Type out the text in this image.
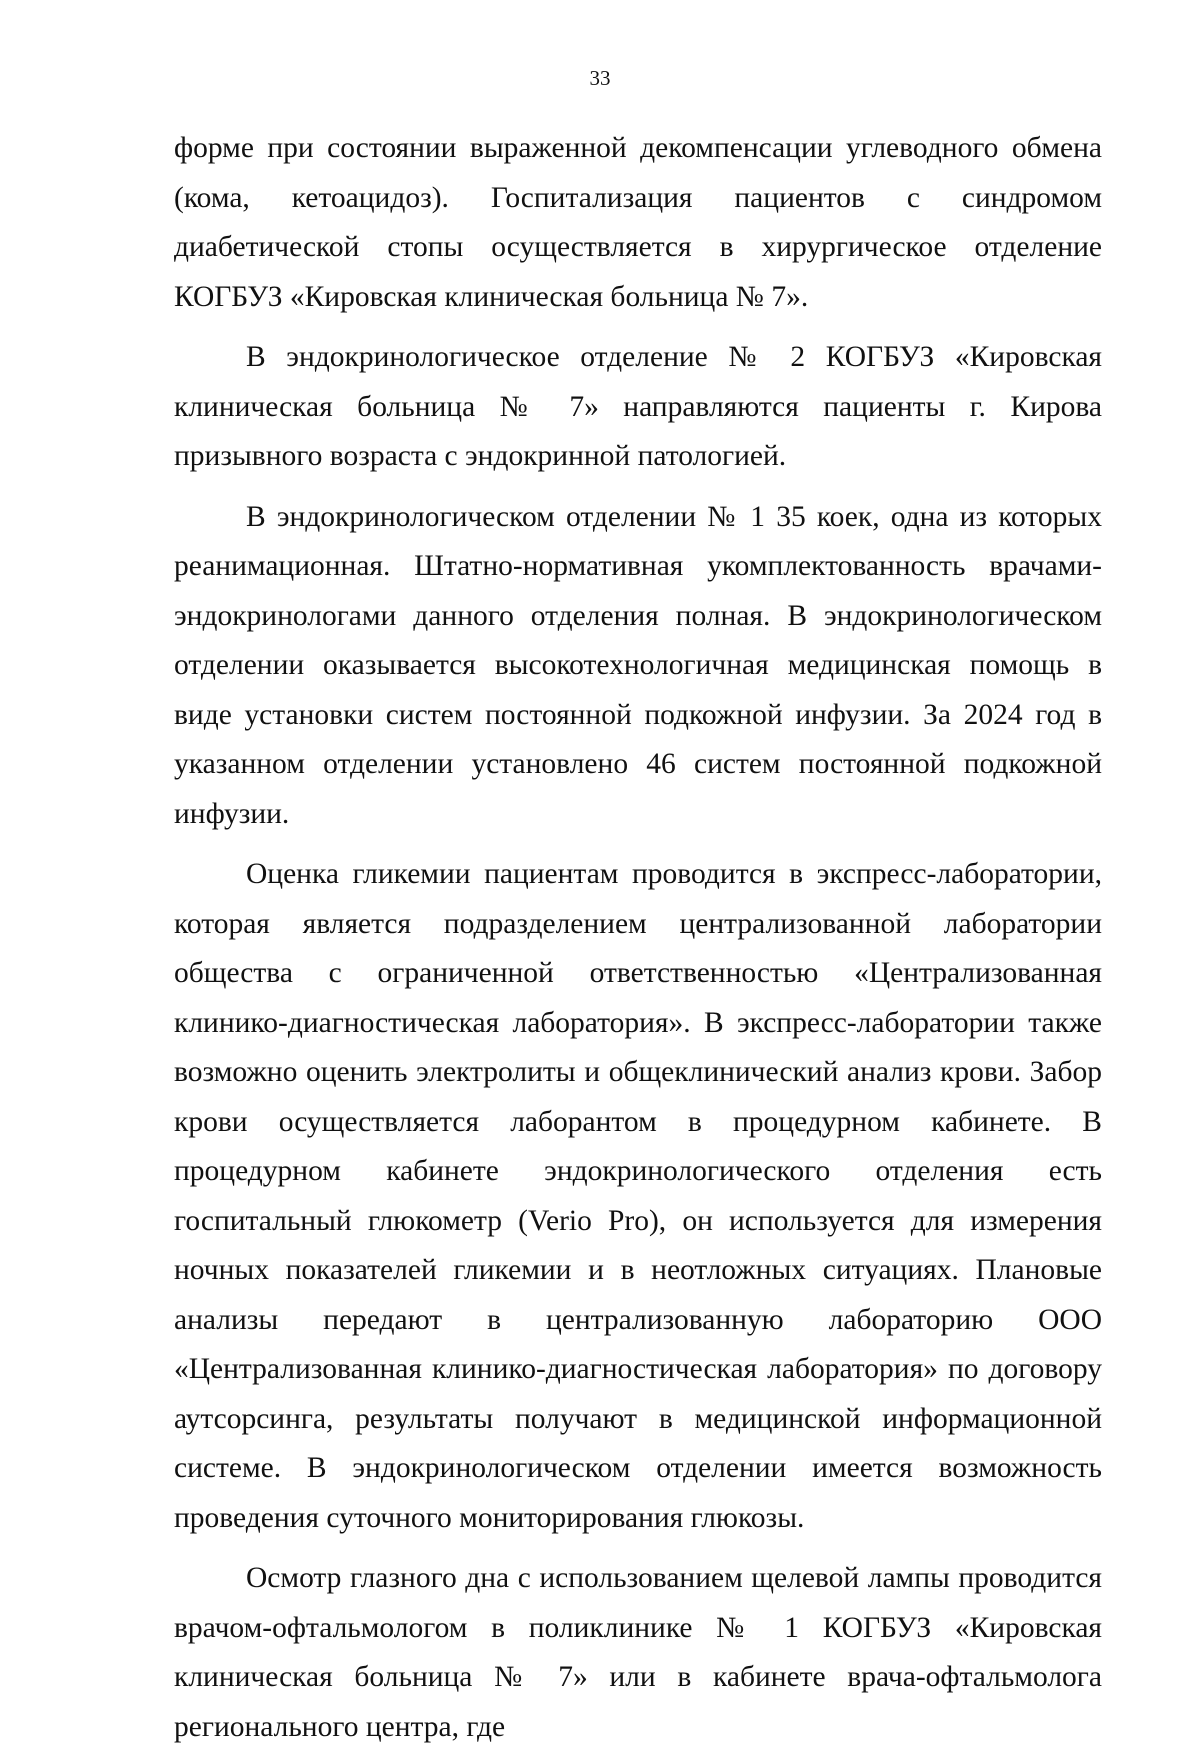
33

форме при состоянии выраженной декомпенсации углеводного обмена (кома, кетоацидоз). Госпитализация пациентов с синдромом диабетической стопы осуществляется в хирургическое отделение КОГБУЗ «Кировская клиническая больница № 7».

В эндокринологическое отделение № 2 КОГБУЗ «Кировская клиническая больница № 7» направляются пациенты г. Кирова призывного возраста с эндокринной патологией.

В эндокринологическом отделении № 1 35 коек, одна из которых реанимационная. Штатно-нормативная укомплектованность врачами-эндокринологами данного отделения полная. В эндокринологическом отделении оказывается высокотехнологичная медицинская помощь в виде установки систем постоянной подкожной инфузии. За 2024 год в указанном отделении установлено 46 систем постоянной подкожной инфузии.

Оценка гликемии пациентам проводится в экспресс-лаборатории, которая является подразделением централизованной лаборатории общества с ограниченной ответственностью «Централизованная клинико-диагностическая лаборатория». В экспресс-лаборатории также возможно оценить электролиты и общеклинический анализ крови. Забор крови осуществляется лаборантом в процедурном кабинете. В процедурном кабинете эндокринологического отделения есть госпитальный глюкометр (Verio Pro), он используется для измерения ночных показателей гликемии и в неотложных ситуациях. Плановые анализы передают в централизованную лабораторию ООО «Централизованная клинико-диагностическая лаборатория» по договору аутсорсинга, результаты получают в медицинской информационной системе. В эндокринологическом отделении имеется возможность проведения суточного мониторирования глюкозы.

Осмотр глазного дна с использованием щелевой лампы проводится врачом-офтальмологом в поликлинике № 1 КОГБУЗ «Кировская клиническая больница № 7» или в кабинете врача-офтальмолога регионального центра, где
